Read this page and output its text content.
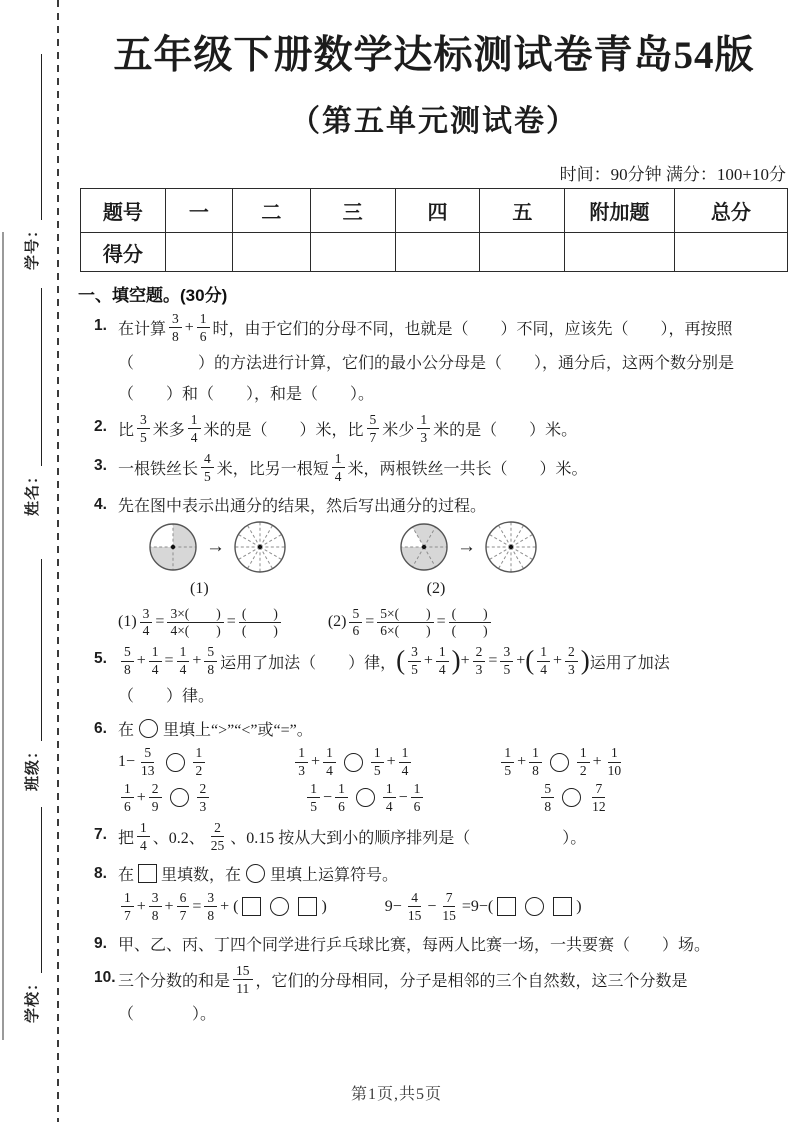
学号：
姓名：
班级：
学校：
五年级下册数学达标测试卷青岛54版
（第五单元测试卷）
时间：90分钟 满分：100+10分
题号	一	二	三	四	五	附加题	总分
得分							
一、填空题。(30分)
1. 在计算 $\frac{3}{8} + \frac{1}{6}$ 时，由于它们的分母不同，也就是（　　）不同，应该先（　　），再按照
（　　　　）的方法进行计算，它们的最小公分母是（　　），通分后，这两个数分别是
（　　）和（　　），和是（　　）。
2. 比 $\frac{3}{5}$ 米多 $\frac{1}{4}$ 米的是（　　）米，比 $\frac{5}{7}$ 米少 $\frac{1}{3}$ 米的是（　　）米。
3. 一根铁丝长 $\frac{4}{5}$ 米，比另一根短 $\frac{1}{4}$ 米，两根铁丝一共长（　　）米。
4. 先在图中表示出通分的结果，然后写出通分的过程。
→	→
(1)	(2)
$(1) \frac{3}{4} = \frac{3\times( )}{4\times( )} = \frac{( )}{( )}$	$(2) \frac{5}{6} = \frac{5\times( )}{6\times( )} = \frac{( )}{( )}$
5.	$\frac{5}{8} + \frac{1}{4} = \frac{1}{4} + \frac{5}{8}$ 运用了加法（　　）律， ( $\frac{3}{5} + \frac{1}{4}$ ) + $\frac{2}{3} = \frac{3}{5}$ + ( $\frac{1}{4} + \frac{2}{3}$ ) 运用了加法
（　　）律。
6. 在 里填上“>”“<”或“=”。
$1- \frac{5}{13}$	$\frac{1}{2}$	$\frac{1}{3} + \frac{1}{4}$	$\frac{1}{5} + \frac{1}{4}$	$\frac{1}{5} + \frac{1}{8}$	$\frac{1}{2} + \frac{1}{10}$
$\frac{1}{6} + \frac{2}{9}$	$\frac{2}{3}$	$\frac{1}{5} - \frac{1}{6}$	$\frac{1}{4} - \frac{1}{6}$	$\frac{5}{8}$	$\frac{7}{12}$
7. 把 $\frac{1}{4}$ 、0.2、 $\frac{2}{25}$ 、0.15 按从大到小的顺序排列是（	）。
8. 在 里填数，在 里填上运算符号。
$\frac{1}{7} + \frac{3}{8} + \frac{6}{7} = \frac{3}{8}$ + (	)	$9- \frac{4}{15} - \frac{7}{15} =9-$(	)
9. 甲、乙、丙、丁四个同学进行乒乓球比赛，每两人比赛一场，一共要赛（　　）场。
10. 三个分数的和是 $\frac{15}{11}$ ，它们的分母相同，分子是相邻的三个自然数，这三个分数是
（	）。
第1页,共5页
